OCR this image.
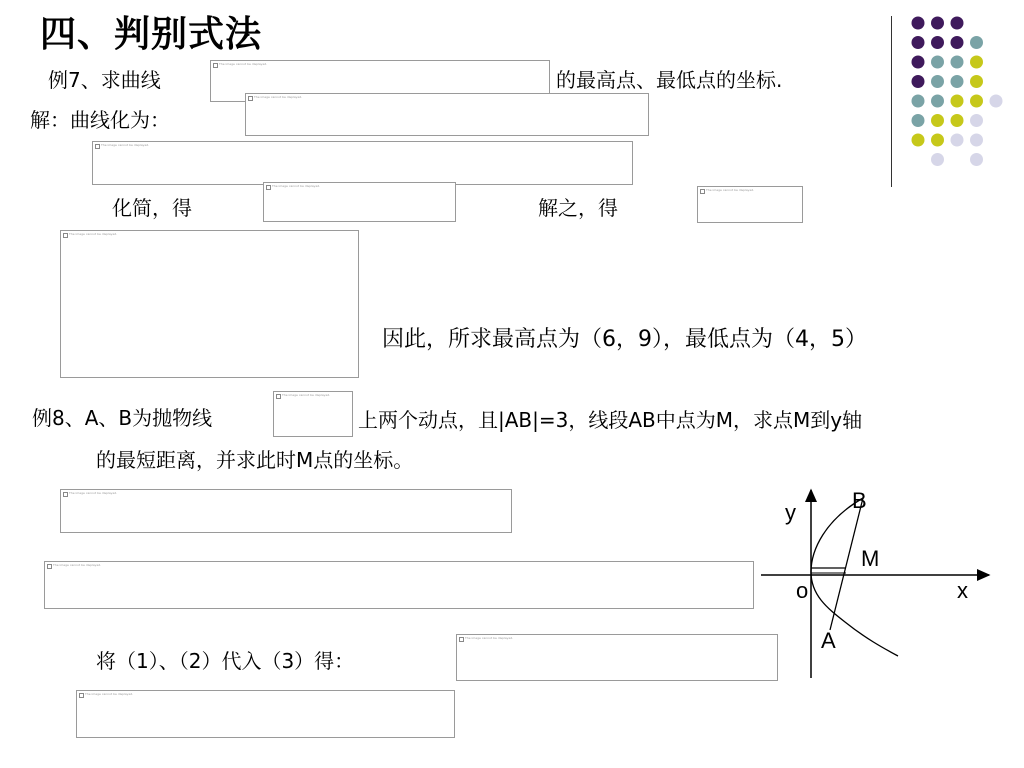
四、判别式法
例7、求曲线
The image cannot be displayed.
的最高点、最低点的坐标.
解：曲线化为：
The image cannot be displayed.
The image cannot be displayed.
化简，得
The image cannot be displayed.
解之，得
The image cannot be displayed.
The image cannot be displayed.
因此，所求最高点为（6，9），最低点为（4，5）
例8、A、B为抛物线
The image cannot be displayed.
上两个动点，且|AB|=3，线段AB中点为M，求点M到y轴
的最短距离，并求此时M点的坐标。
The image cannot be displayed.
The image cannot be displayed.
将（1）、（2）代入（3）得：
The image cannot be displayed.
The image cannot be displayed.
y
x
o
B
M
A
